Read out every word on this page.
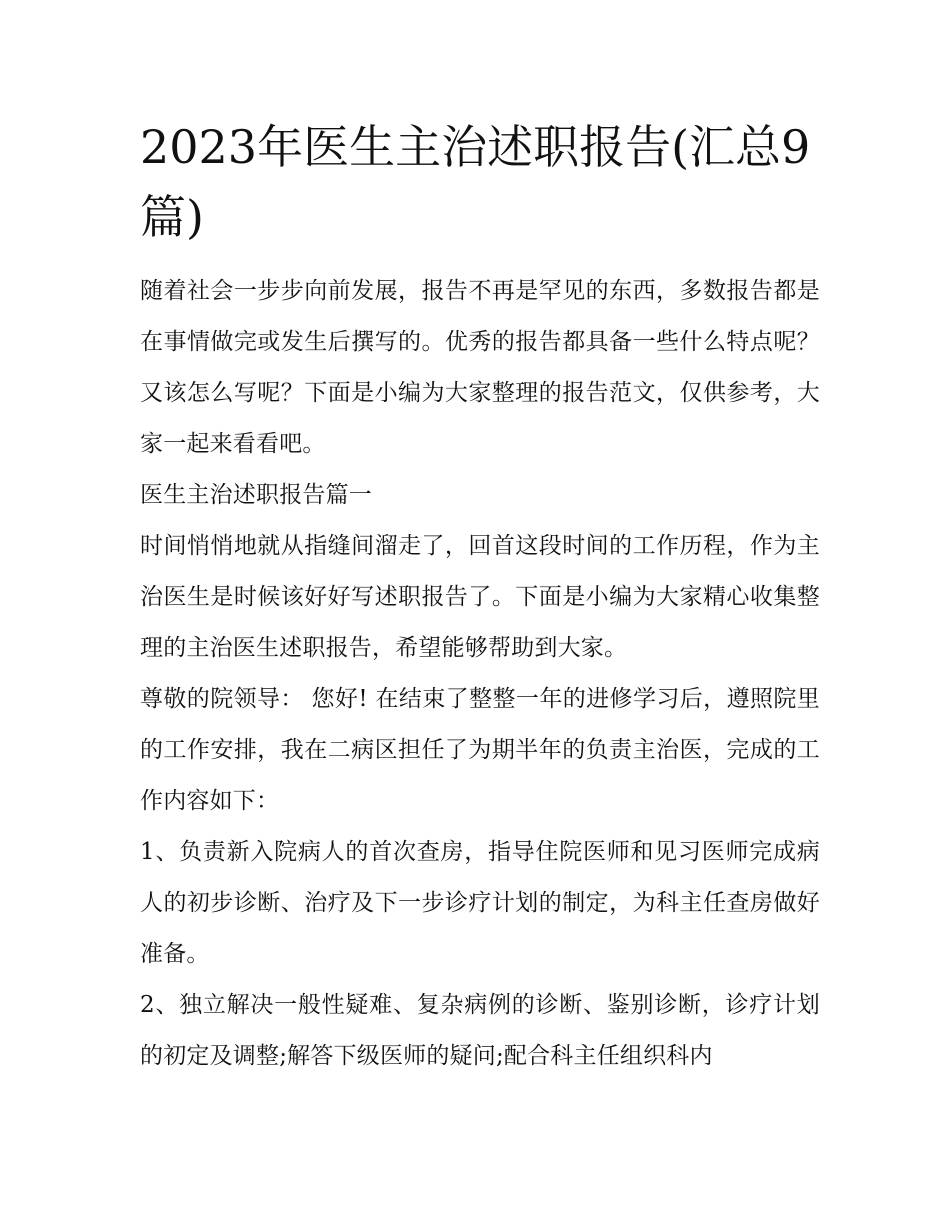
2023年医生主治述职报告(汇总9篇)

随着社会一步步向前发展，报告不再是罕见的东西，多数报告都是在事情做完或发生后撰写的。优秀的报告都具备一些什么特点呢？又该怎么写呢？下面是小编为大家整理的报告范文，仅供参考，大家一起来看看吧。

医生主治述职报告篇一

时间悄悄地就从指缝间溜走了，回首这段时间的工作历程，作为主治医生是时候该好好写述职报告了。下面是小编为大家精心收集整理的主治医生述职报告，希望能够帮助到大家。

尊敬的院领导： 您好! 在结束了整整一年的进修学习后，遵照院里的工作安排，我在二病区担任了为期半年的负责主治医，完成的工作内容如下：

1、负责新入院病人的首次查房，指导住院医师和见习医师完成病人的初步诊断、治疗及下一步诊疗计划的制定，为科主任查房做好准备。

2、独立解决一般性疑难、复杂病例的诊断、鉴别诊断，诊疗计划的初定及调整;解答下级医师的疑问;配合科主任组织科内
